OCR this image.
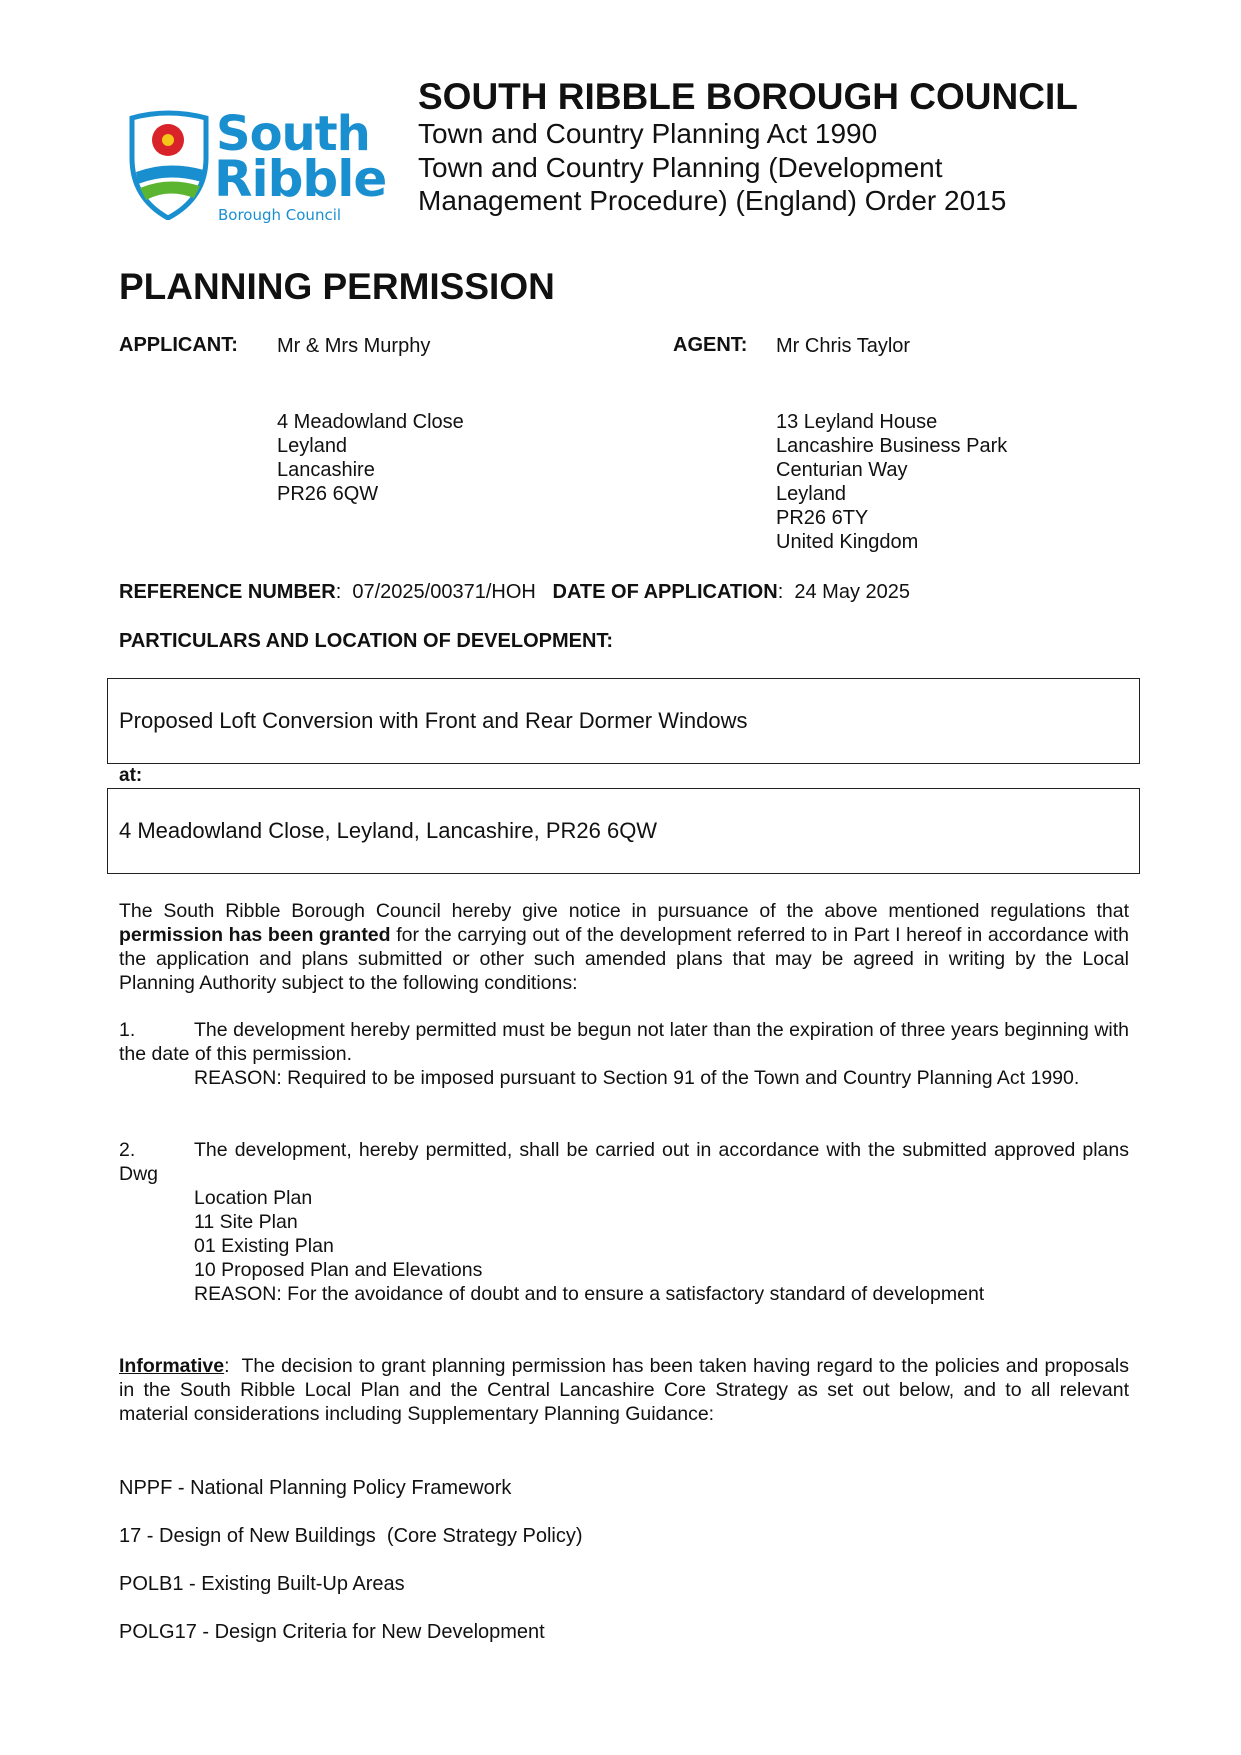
South
Ribble
Borough Council
SOUTH RIBBLE BOROUGH COUNCIL
Town and Country Planning Act 1990
Town and Country Planning (Development
Management Procedure) (England) Order 2015
PLANNING PERMISSION
APPLICANT: Mr & Mrs Murphy
4 Meadowland Close
Leyland
Lancashire
PR26 6QW
AGENT: Mr Chris Taylor
13 Leyland House
Lancashire Business Park
Centurian Way
Leyland
PR26 6TY
United Kingdom
REFERENCE NUMBER:  07/2025/00371/HOH DATE OF APPLICATION:  24 May 2025
PARTICULARS AND LOCATION OF DEVELOPMENT:
Proposed Loft Conversion with Front and Rear Dormer Windows
at:
4 Meadowland Close, Leyland, Lancashire, PR26 6QW
The South Ribble Borough Council hereby give notice in pursuance of the above mentioned regulations that permission has been granted for the carrying out of the development referred to in Part I hereof in accordance with the application and plans submitted or other such amended plans that may be agreed in writing by the Local Planning Authority subject to the following conditions:
1.	The development hereby permitted must be begun not later than the expiration of three years beginning with the date of this permission.
REASON: Required to be imposed pursuant to Section 91 of the Town and Country Planning Act 1990.
2.	The development, hereby permitted, shall be carried out in accordance with the submitted approved plans Dwg
Location Plan
11 Site Plan
01 Existing Plan
10 Proposed Plan and Elevations
REASON: For the avoidance of doubt and to ensure a satisfactory standard of development
Informative:  The decision to grant planning permission has been taken having regard to the policies and proposals in the South Ribble Local Plan and the Central Lancashire Core Strategy as set out below, and to all relevant material considerations including Supplementary Planning Guidance:
NPPF - National Planning Policy Framework
17 - Design of New Buildings  (Core Strategy Policy)
POLB1 - Existing Built-Up Areas
POLG17 - Design Criteria for New Development
